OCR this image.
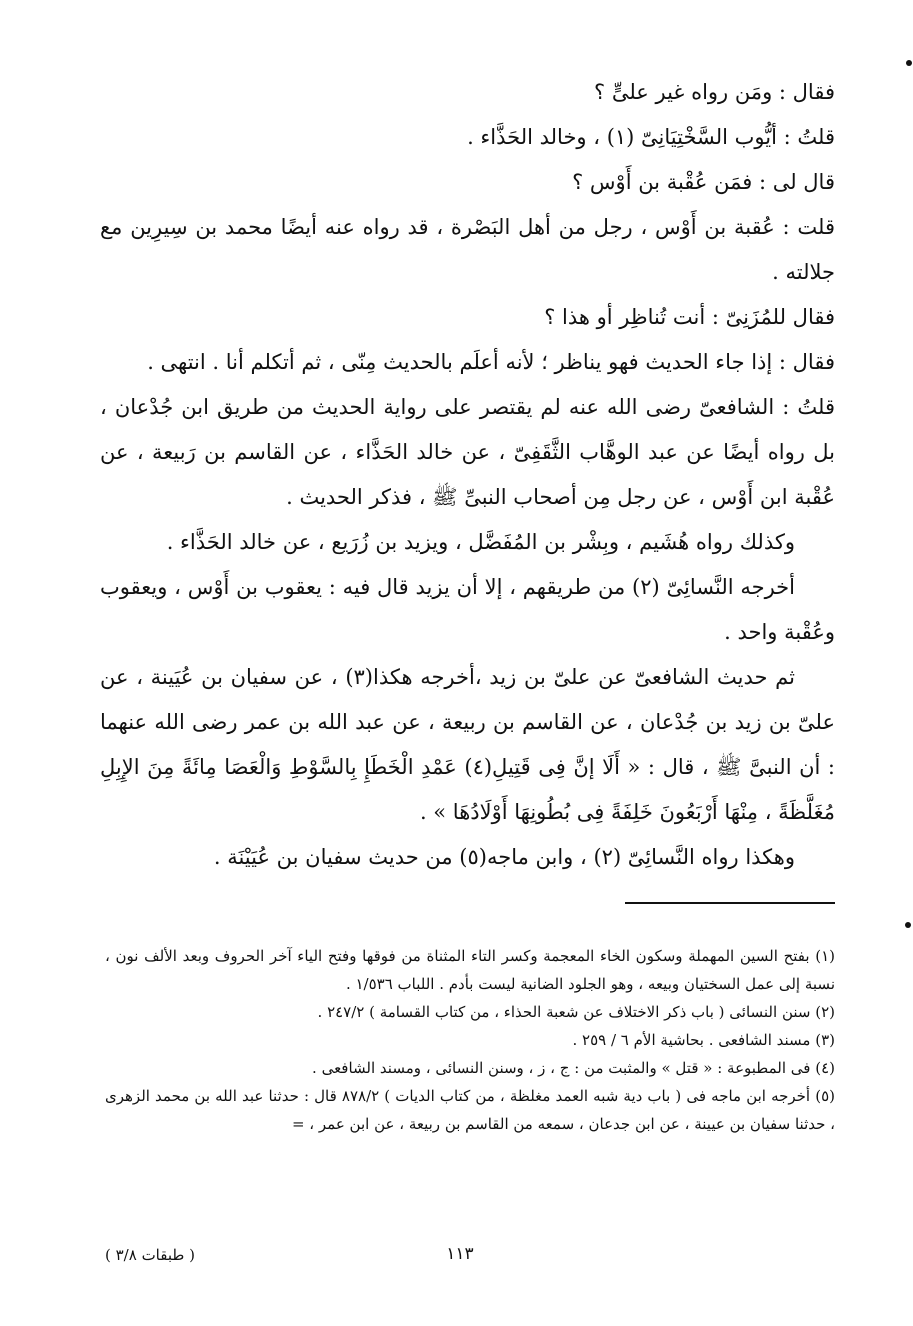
فقال : ومَن رواه غير علىٍّ ؟

قلتُ : أيُّوب السَّخْتِيَانِىّ (١) ، وخالد الحَذَّاء .

قال لى : فمَن عُقْبة بن أَوْس ؟

قلت : عُقبة بن أَوْس ، رجل من أهل البَصْرة ، قد رواه عنه أيضًا محمد بن سِيرِين مع جلالته .

فقال للمُزَنِىّ : أنت تُناظِر أو هذا ؟

فقال : إذا جاء الحديث فهو يناظر ؛ لأنه أعلَم بالحديث مِنّى ، ثم أتكلم أنا . انتهى .

قلتُ : الشافعىّ رضى الله عنه لم يقتصر على رواية الحديث من طريق ابن جُدْعان ، بل رواه أيضًا عن عبد الوهَّاب الثَّقَفِىّ ، عن خالد الحَذَّاء ، عن القاسم بن رَبيعة ، عن عُقْبة ابن أَوْس ، عن رجل مِن أصحاب النبىِّ ﷺ ، فذكر الحديث .

وكذلك رواه هُشَيم ، وبِشْر بن المُفَضَّل ، ويزيد بن زُرَيع ، عن خالد الحَذَّاء .

أخرجه النَّسائِىّ (٢) من طريقهم ، إلا أن يزيد قال فيه : يعقوب بن أَوْس ، ويعقوب وعُقْبة واحد .

ثم حديث الشافعىّ عن علىّ بن زيد ،أخرجه هكذا(٣) ، عن سفيان بن عُيَينة ، عن علىّ بن زيد بن جُدْعان ، عن القاسم بن ربيعة ، عن عبد الله بن عمر رضى الله عنهما : أن النبىَّ ﷺ ، قال : « أَلَا إنَّ فِى قَتِيلِ(٤) عَمْدِ الْخَطَإِ بِالسَّوْطِ وَالْعَصَا مِائَةً مِنَ الإِبِلِ مُغَلَّظَةً ، مِنْهَا أَرْبَعُونَ خَلِفَةً فِى بُطُونِهَا أَوْلَادُهَا » .

وهكذا رواه النَّسائِىّ (٢) ، وابن ماجه(٥) من حديث سفيان بن عُيَيْنَة .

(١) بفتح السين المهملة وسكون الخاء المعجمة وكسر التاء المثناة من فوقها وفتح الياء آخر الحروف وبعد الألف نون ، نسبة إلى عمل السختيان وبيعه ، وهو الجلود الضانية ليست بأدم . اللباب ١/٥٣٦ .

(٢) سنن النسائى ( باب ذكر الاختلاف عن شعبة الحذاء ، من كتاب القسامة ) ٢٤٧/٢ .

(٣) مسند الشافعى . بحاشية الأم ٦ / ٢٥٩ .

(٤) فى المطبوعة : « قتل » والمثبت من : ج ، ز ، وسنن النسائى ، ومسند الشافعى .

(٥) أخرجه ابن ماجه فى ( باب دية شبه العمد مغلظة ، من كتاب الديات ) ٨٧٨/٢ قال : حدثنا عبد الله بن محمد الزهرى ، حدثنا سفيان بن عيينة ، عن ابن جدعان ، سمعه من القاسم بن ربيعة ، عن ابن عمر ، =

١١٣
( طبقات ٣/٨ )
